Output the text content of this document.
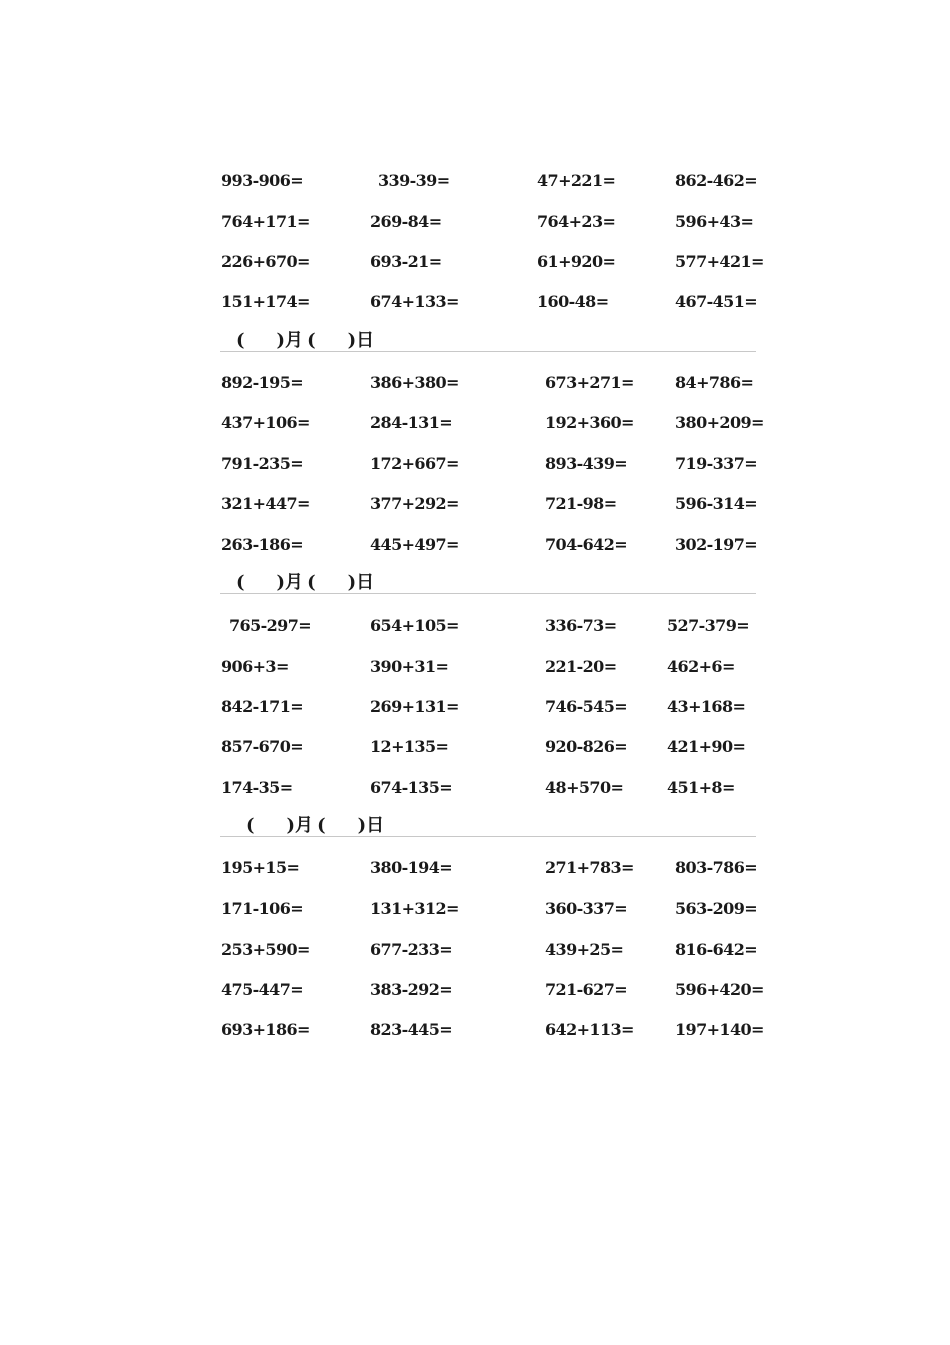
993-906=	339-39=	47+221=	862-462=
764+171=	269-84=	764+23=	596+43=
226+670=	693-21=	61+920=	577+421=
151+174=	674+133=	160-48=	467-451=
( )月 ( )日
892-195=	386+380=	673+271=	84+786=
437+106=	284-131=	192+360=	380+209=
791-235=	172+667=	893-439=	719-337=
321+447=	377+292=	721-98=	596-314=
263-186=	445+497=	704-642=	302-197=
( )月 ( )日
765-297=	654+105=	336-73=	527-379=
906+3=	390+31=	221-20=	462+6=
842-171=	269+131=	746-545= 43+168=
857-670=	12+135=	920-826= 421+90=
174-35=	674-135=	48+570=	451+8=
( )月 ( )日
195+15=	380-194=	271+783=	803-786=
171-106=	131+312=	360-337=	563-209=
253+590=	677-233=	439+25=	816-642=
475-447=	383-292=	721-627=	596+420=
693+186=	823-445=	642+113=	197+140=
